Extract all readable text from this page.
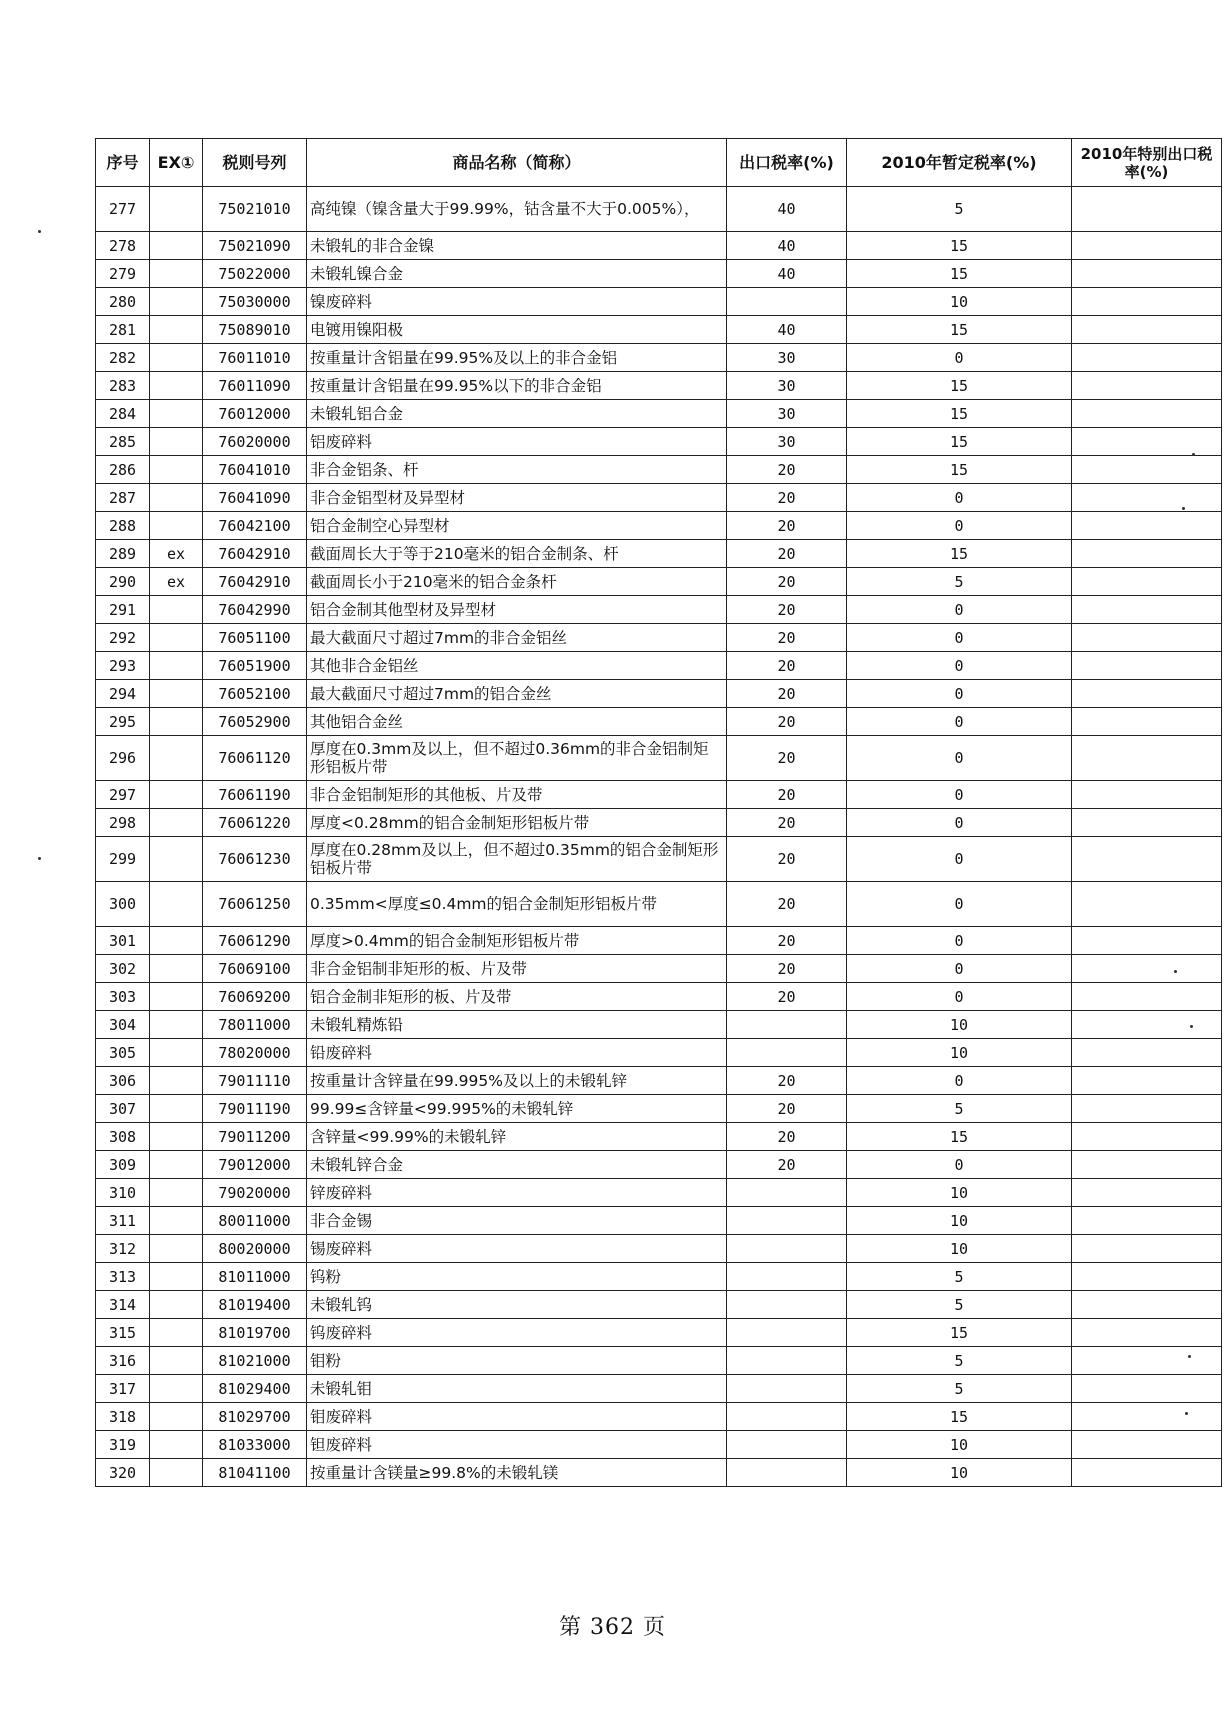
序号	EX①	税则号列	商品名称（简称）	出口税率(%)	2010年暂定税率(%)	2010年特别出口税率(%)
277		75021010	高纯镍（镍含量大于99.99%，钴含量不大于0.005%），	40	5	
278		75021090	未锻轧的非合金镍	40	15	
279		75022000	未锻轧镍合金	40	15	
280		75030000	镍废碎料		10	
281		75089010	电镀用镍阳极	40	15	
282		76011010	按重量计含铝量在99.95%及以上的非合金铝	30	0	
283		76011090	按重量计含铝量在99.95%以下的非合金铝	30	15	
284		76012000	未锻轧铝合金	30	15	
285		76020000	铝废碎料	30	15	
286		76041010	非合金铝条、杆	20	15	
287		76041090	非合金铝型材及异型材	20	0	
288		76042100	铝合金制空心异型材	20	0	
289	ex	76042910	截面周长大于等于210毫米的铝合金制条、杆	20	15	
290	ex	76042910	截面周长小于210毫米的铝合金条杆	20	5	
291		76042990	铝合金制其他型材及异型材	20	0	
292		76051100	最大截面尺寸超过7mm的非合金铝丝	20	0	
293		76051900	其他非合金铝丝	20	0	
294		76052100	最大截面尺寸超过7mm的铝合金丝	20	0	
295		76052900	其他铝合金丝	20	0	
296		76061120	厚度在0.3mm及以上，但不超过0.36mm的非合金铝制矩形铝板片带	20	0	
297		76061190	非合金铝制矩形的其他板、片及带	20	0	
298		76061220	厚度<0.28mm的铝合金制矩形铝板片带	20	0	
299		76061230	厚度在0.28mm及以上，但不超过0.35mm的铝合金制矩形铝板片带	20	0	
300		76061250	0.35mm<厚度≤0.4mm的铝合金制矩形铝板片带	20	0	
301		76061290	厚度>0.4mm的铝合金制矩形铝板片带	20	0	
302		76069100	非合金铝制非矩形的板、片及带	20	0	
303		76069200	铝合金制非矩形的板、片及带	20	0	
304		78011000	未锻轧精炼铅		10	
305		78020000	铅废碎料		10	
306		79011110	按重量计含锌量在99.995%及以上的未锻轧锌	20	0	
307		79011190	99.99≤含锌量<99.995%的未锻轧锌	20	5	
308		79011200	含锌量<99.99%的未锻轧锌	20	15	
309		79012000	未锻轧锌合金	20	0	
310		79020000	锌废碎料		10	
311		80011000	非合金锡		10	
312		80020000	锡废碎料		10	
313		81011000	钨粉		5	
314		81019400	未锻轧钨		5	
315		81019700	钨废碎料		15	
316		81021000	钼粉		5	
317		81029400	未锻轧钼		5	
318		81029700	钼废碎料		15	
319		81033000	钽废碎料		10	
320		81041100	按重量计含镁量≥99.8%的未锻轧镁		10	
第 362 页
